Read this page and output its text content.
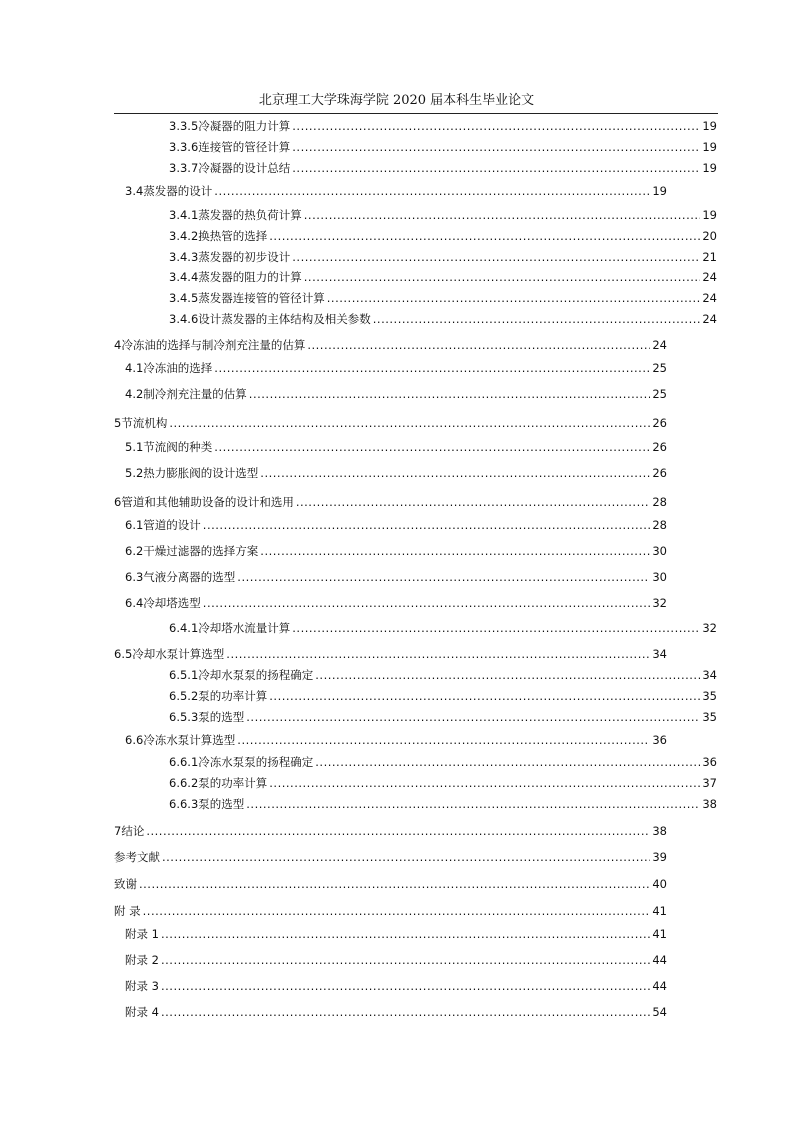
北京理工大学珠海学院 2020 届本科生毕业论文
3.3.5 冷凝器的阻力计算 .....	19
3.3.6 连接管的管径计算 .....	19
3.3.7 冷凝器的设计总结 .....	19
3.4 蒸发器的设计 .....	19
3.4.1 蒸发器的热负荷计算 .....	19
3.4.2 换热管的选择 .....	20
3.4.3 蒸发器的初步设计 .....	21
3.4.4 蒸发器的阻力的计算 .....	24
3.4.5 蒸发器连接管的管径计算 .....	24
3.4.6 设计蒸发器的主体结构及相关参数 .....	24
4 冷冻油的选择与制冷剂充注量的估算 .....	24
4.1 冷冻油的选择 .....	25
4.2 制冷剂充注量的估算 .....	25
5 节流机构 .....	26
5.1 节流阀的种类 .....	26
5.2 热力膨胀阀的设计选型 .....	26
6 管道和其他辅助设备的设计和选用 .....	28
6.1 管道的设计 .....	28
6.2 干燥过滤器的选择方案 .....	30
6.3 气液分离器的选型 .....	30
6.4 冷却塔选型 .....	32
6.4.1 冷却塔水流量计算 .....	32
6.5 冷却水泵计算选型 .....	34
6.5.1 冷却水泵泵的扬程确定 .....	34
6.5.2 泵的功率计算 .....	35
6.5.3 泵的选型 .....	35
6.6 冷冻水泵计算选型 .....	36
6.6.1 冷冻水泵泵的扬程确定 .....	36
6.6.2 泵的功率计算 .....	37
6.6.3 泵的选型 .....	38
7 结论 .....	38
参考文献 .....	39
致谢 .....	40
附 录 .....	41
附录 1 .....	41
附录 2 .....	44
附录 3 .....	44
附录 4 .....	54
